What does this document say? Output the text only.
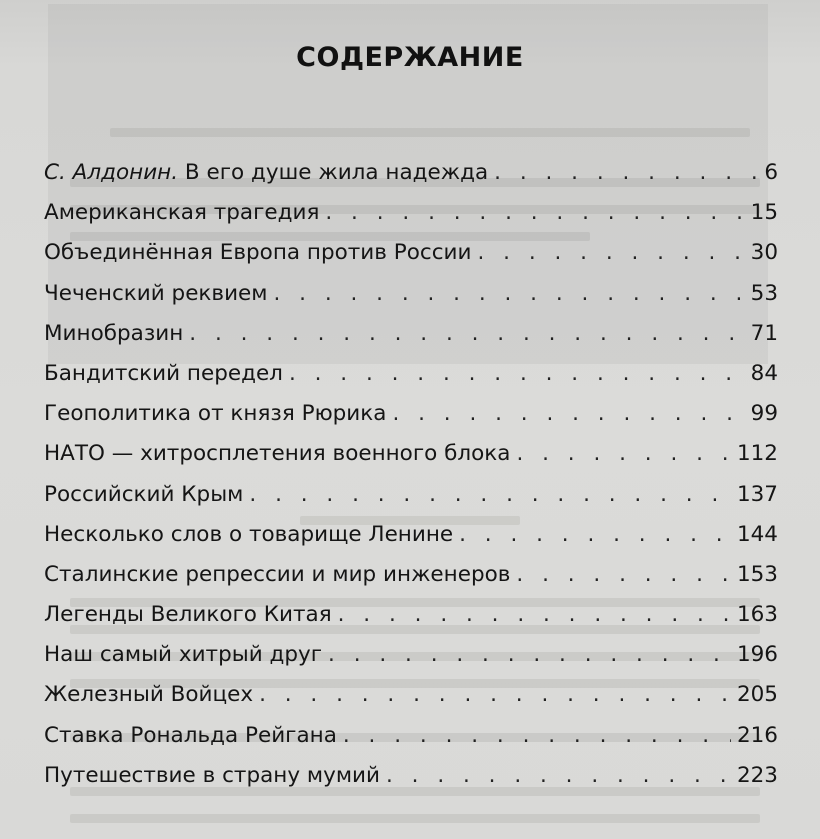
СОДЕРЖАНИЕ
С. Алдонин. В его душе жила надежда . . .	6
Американская трагедия . . .	15
Объединённая Европа против России . . .	30
Чеченский реквием . . .	53
Минобразин . . .	71
Бандитский передел . . .	84
Геополитика от князя Рюрика . . .	99
НАТО — хитросплетения военного блока . . .	112
Российский Крым . . .	137
Несколько слов о товарище Ленине . . .	144
Сталинские репрессии и мир инженеров . . .	153
Легенды Великого Китая . . .	163
Наш самый хитрый друг . . .	196
Железный Войцех . . .	205
Ставка Рональда Рейгана . . .	216
Путешествие в страну мумий . . .	223
